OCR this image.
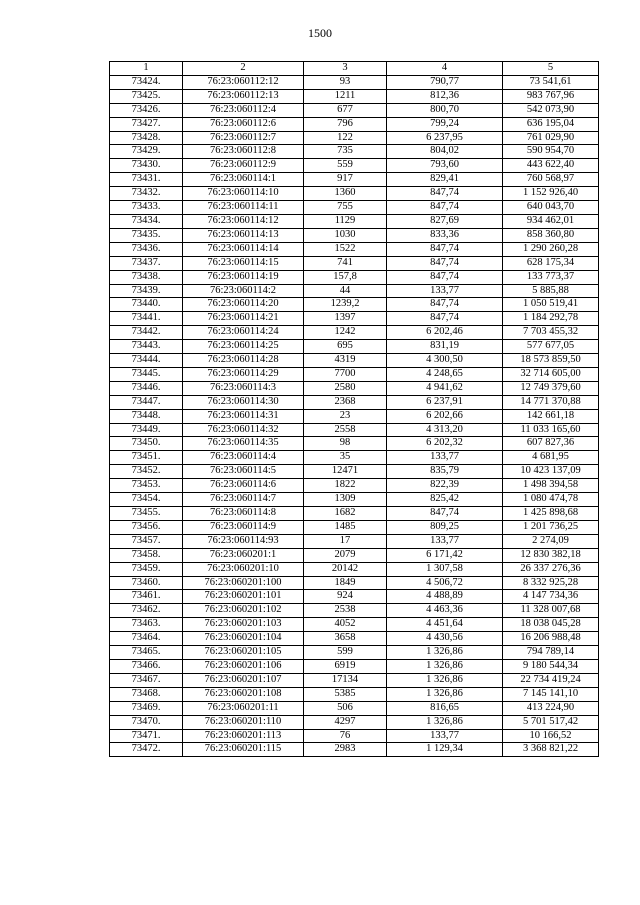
1500
1	2	3	4	5
73424.	76:23:060112:12	93	790,77	73 541,61
73425.	76:23:060112:13	1211	812,36	983 767,96
73426.	76:23:060112:4	677	800,70	542 073,90
73427.	76:23:060112:6	796	799,24	636 195,04
73428.	76:23:060112:7	122	6 237,95	761 029,90
73429.	76:23:060112:8	735	804,02	590 954,70
73430.	76:23:060112:9	559	793,60	443 622,40
73431.	76:23:060114:1	917	829,41	760 568,97
73432.	76:23:060114:10	1360	847,74	1 152 926,40
73433.	76:23:060114:11	755	847,74	640 043,70
73434.	76:23:060114:12	1129	827,69	934 462,01
73435.	76:23:060114:13	1030	833,36	858 360,80
73436.	76:23:060114:14	1522	847,74	1 290 260,28
73437.	76:23:060114:15	741	847,74	628 175,34
73438.	76:23:060114:19	157,8	847,74	133 773,37
73439.	76:23:060114:2	44	133,77	5 885,88
73440.	76:23:060114:20	1239,2	847,74	1 050 519,41
73441.	76:23:060114:21	1397	847,74	1 184 292,78
73442.	76:23:060114:24	1242	6 202,46	7 703 455,32
73443.	76:23:060114:25	695	831,19	577 677,05
73444.	76:23:060114:28	4319	4 300,50	18 573 859,50
73445.	76:23:060114:29	7700	4 248,65	32 714 605,00
73446.	76:23:060114:3	2580	4 941,62	12 749 379,60
73447.	76:23:060114:30	2368	6 237,91	14 771 370,88
73448.	76:23:060114:31	23	6 202,66	142 661,18
73449.	76:23:060114:32	2558	4 313,20	11 033 165,60
73450.	76:23:060114:35	98	6 202,32	607 827,36
73451.	76:23:060114:4	35	133,77	4 681,95
73452.	76:23:060114:5	12471	835,79	10 423 137,09
73453.	76:23:060114:6	1822	822,39	1 498 394,58
73454.	76:23:060114:7	1309	825,42	1 080 474,78
73455.	76:23:060114:8	1682	847,74	1 425 898,68
73456.	76:23:060114:9	1485	809,25	1 201 736,25
73457.	76:23:060114:93	17	133,77	2 274,09
73458.	76:23:060201:1	2079	6 171,42	12 830 382,18
73459.	76:23:060201:10	20142	1 307,58	26 337 276,36
73460.	76:23:060201:100	1849	4 506,72	8 332 925,28
73461.	76:23:060201:101	924	4 488,89	4 147 734,36
73462.	76:23:060201:102	2538	4 463,36	11 328 007,68
73463.	76:23:060201:103	4052	4 451,64	18 038 045,28
73464.	76:23:060201:104	3658	4 430,56	16 206 988,48
73465.	76:23:060201:105	599	1 326,86	794 789,14
73466.	76:23:060201:106	6919	1 326,86	9 180 544,34
73467.	76:23:060201:107	17134	1 326,86	22 734 419,24
73468.	76:23:060201:108	5385	1 326,86	7 145 141,10
73469.	76:23:060201:11	506	816,65	413 224,90
73470.	76:23:060201:110	4297	1 326,86	5 701 517,42
73471.	76:23:060201:113	76	133,77	10 166,52
73472.	76:23:060201:115	2983	1 129,34	3 368 821,22
